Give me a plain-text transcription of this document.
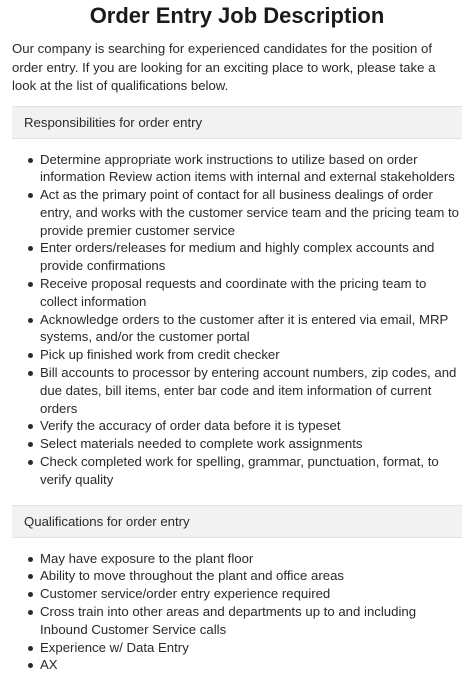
Order Entry Job Description

Our company is searching for experienced candidates for the position of order entry. If you are looking for an exciting place to work, please take a look at the list of qualifications below.

Responsibilities for order entry
Determine appropriate work instructions to utilize based on order information Review action items with internal and external stakeholders
Act as the primary point of contact for all business dealings of order entry, and works with the customer service team and the pricing team to provide premier customer service
Enter orders/releases for medium and highly complex accounts and provide confirmations
Receive proposal requests and coordinate with the pricing team to collect information
Acknowledge orders to the customer after it is entered via email, MRP systems, and/or the customer portal
Pick up finished work from credit checker
Bill accounts to processor by entering account numbers, zip codes, and due dates, bill items, enter bar code and item information of current orders
Verify the accuracy of order data before it is typeset
Select materials needed to complete work assignments
Check completed work for spelling, grammar, punctuation, format, to verify quality
Qualifications for order entry
May have exposure to the plant floor
Ability to move throughout the plant and office areas
Customer service/order entry experience required
Cross train into other areas and departments up to and including Inbound Customer Service calls
Experience w/ Data Entry
AX
